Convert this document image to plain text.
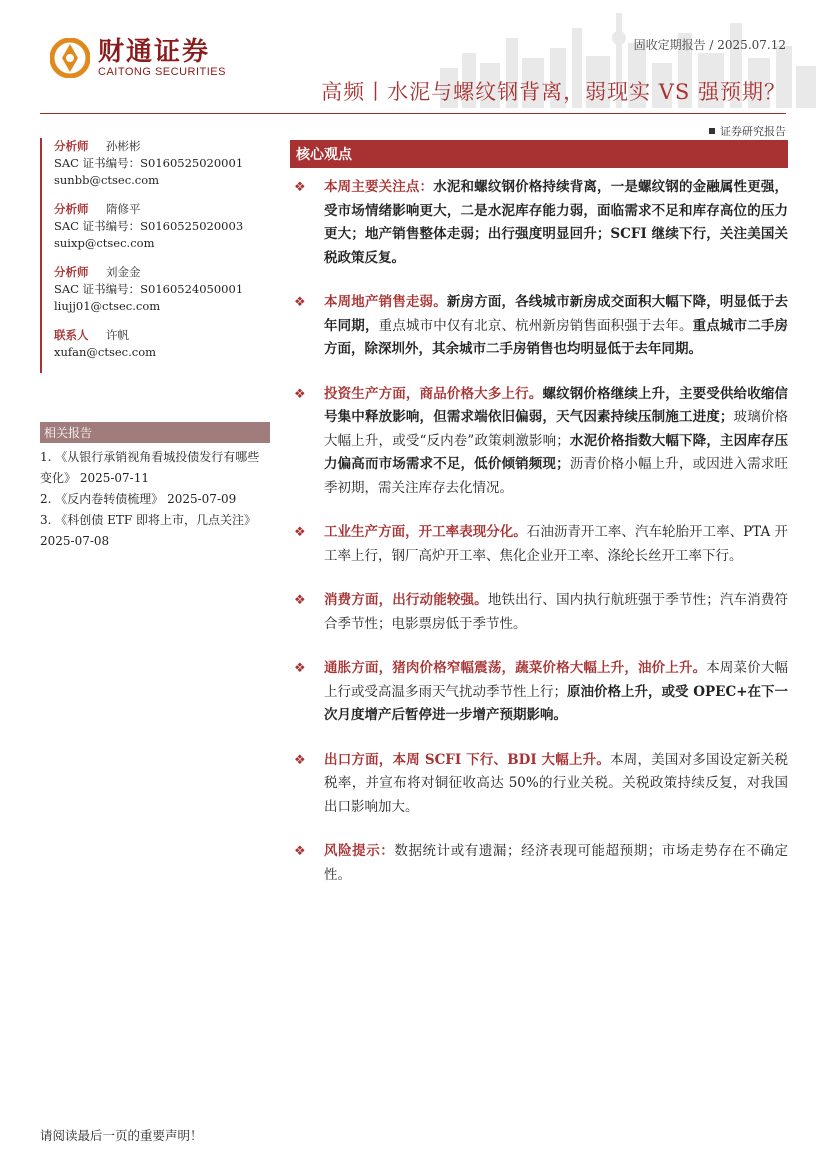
财通证券
CAITONG SECURITIES
固收定期报告 / 2025.07.12
高频丨水泥与螺纹钢背离，弱现实 VS 强预期？
证券研究报告
分析师 孙彬彬
SAC 证书编号：S0160525020001
sunbb@ctsec.com
分析师 隋修平
SAC 证书编号：S0160525020003
suixp@ctsec.com
分析师 刘金金
SAC 证书编号：S0160524050001
liujj01@ctsec.com
联系人 许帆
xufan@ctsec.com
相关报告
1. 《从银行承销视角看城投债发行有哪些变化》 2025-07-11
2. 《反内卷转债梳理》 2025-07-09
3. 《科创债 ETF 即将上市，几点关注》 2025-07-08
核心观点
❖ 本周主要关注点：水泥和螺纹钢价格持续背离，一是螺纹钢的金融属性更强，受市场情绪影响更大，二是水泥库存能力弱，面临需求不足和库存高位的压力更大；地产销售整体走弱；出行强度明显回升；SCFI 继续下行，关注美国关税政策反复。
❖ 本周地产销售走弱。新房方面，各线城市新房成交面积大幅下降，明显低于去年同期，重点城市中仅有北京、杭州新房销售面积强于去年。重点城市二手房方面，除深圳外，其余城市二手房销售也均明显低于去年同期。
❖ 投资生产方面，商品价格大多上行。螺纹钢价格继续上升，主要受供给收缩信号集中释放影响，但需求端依旧偏弱，天气因素持续压制施工进度；玻璃价格大幅上升，或受“反内卷”政策刺激影响；水泥价格指数大幅下降，主因库存压力偏高而市场需求不足，低价倾销频现；沥青价格小幅上升，或因进入需求旺季初期，需关注库存去化情况。
❖ 工业生产方面，开工率表现分化。石油沥青开工率、汽车轮胎开工率、PTA 开工率上行，钢厂高炉开工率、焦化企业开工率、涤纶长丝开工率下行。
❖ 消费方面，出行动能较强。地铁出行、国内执行航班强于季节性；汽车消费符合季节性；电影票房低于季节性。
❖ 通胀方面，猪肉价格窄幅震荡，蔬菜价格大幅上升，油价上升。本周菜价大幅上行或受高温多雨天气扰动季节性上行；原油价格上升，或受 OPEC+在下一次月度增产后暂停进一步增产预期影响。
❖ 出口方面，本周 SCFI 下行、BDI 大幅上升。本周，美国对多国设定新关税税率，并宣布将对铜征收高达 50%的行业关税。关税政策持续反复，对我国出口影响加大。
❖ 风险提示：数据统计或有遗漏；经济表现可能超预期；市场走势存在不确定性。
请阅读最后一页的重要声明！
